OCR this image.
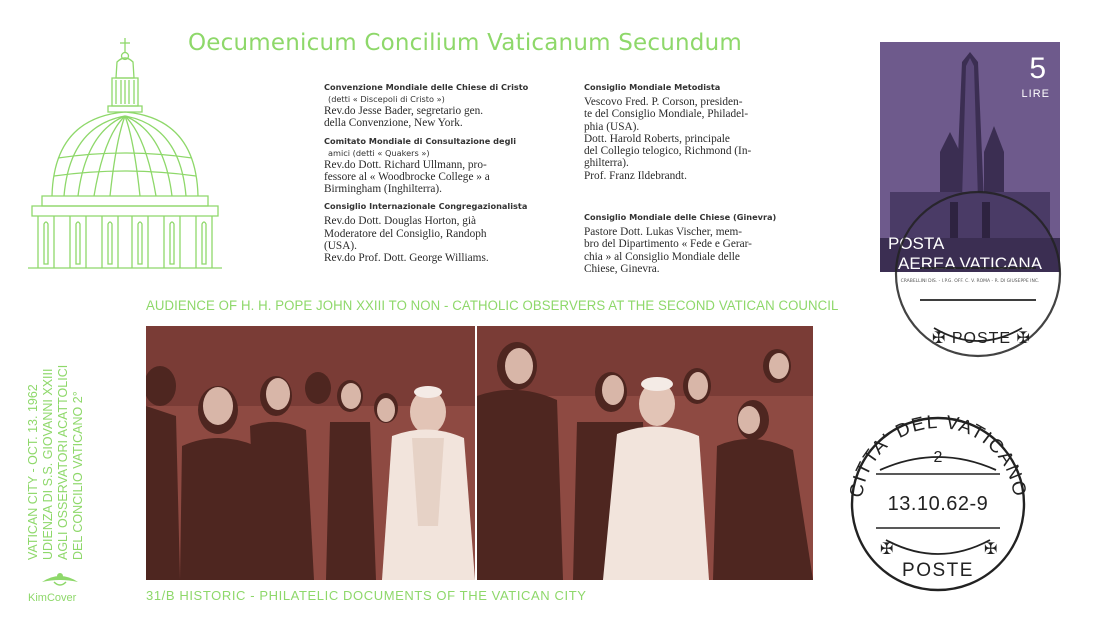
Oecumenicum Concilium Vaticanum Secundum
Convenzione Mondiale delle Chiese di Cristo
(detti « Discepoli di Cristo »)
Rev.do Jesse Bader, segretario gen.
della Convenzione, New York.
Comitato Mondiale di Consultazione degli
amici (detti « Quakers »)
Rev.do Dott. Richard Ullmann, pro-
fessore al « Woodbrocke College » a
Birmingham (Inghilterra).
Consiglio Internazionale Congregazionalista
Rev.do Dott. Douglas Horton, già
Moderatore del Consiglio, Randoph
(USA).
Rev.do Prof. Dott. George Williams.
Consiglio Mondiale Metodista
Vescovo Fred. P. Corson, presiden-
te del Consiglio Mondiale, Philadel-
phia (USA).
Dott. Harold Roberts, principale
del Collegio telogico, Richmond (In-
ghilterra).
Prof. Franz Ildebrandt.
Consiglio Mondiale delle Chiese (Ginevra)
Pastore Dott. Lukas Vischer, mem-
bro del Dipartimento « Fede e Gerar-
chia » al Consiglio Mondiale delle
Chiese, Ginevra.
AUDIENCE OF H. H. POPE JOHN XXIII TO NON - CATHOLIC OBSERVERS AT THE SECOND VATICAN COUNCIL
VATICAN CITY - OCT. 13. 1962 UDIENZA DI S.S. GIOVANNI XXIII AGLI OSSERVATORI ACATTOLICI DEL CONCILIO VATICANO 2°
KimCover	31/B HISTORIC - PHILATELIC DOCUMENTS OF THE VATICAN CITY
5
LIRE
POSTA
AEREA VATICANA
CRABELLINI DIS. - I.P.G. OFF. C. V. ROMA - R. DI GIUSEPPE INC.
✠ POSTE ✠
CITTA' DEL VATICANO
2
13.10.62-9
✠	✠
POSTE
